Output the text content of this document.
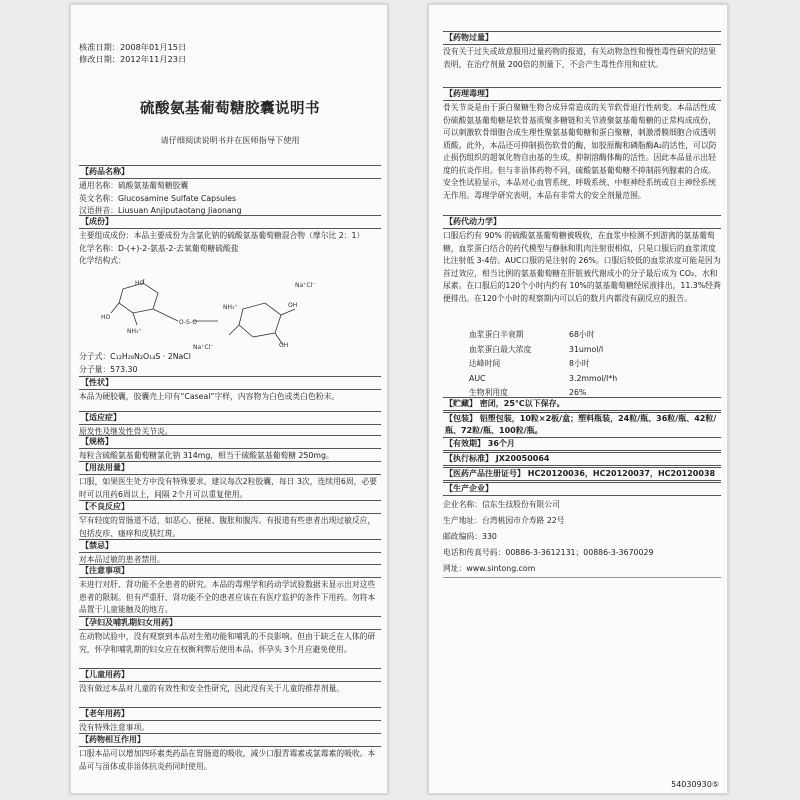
核准日期：2008年01月15日
修改日期：2012年11月23日
硫酸氨基葡萄糖胶囊说明书
请仔细阅读说明书并在医师指导下使用
【药品名称】
通用名称：硫酸氨基葡萄糖胶囊
英文名称：Glucosamine Sulfate Capsules
汉语拼音：Liusuan Anjiputaotang Jiaonang
【成份】
主要组成成份：本品主要成份为含氯化钠的硫酸氨基葡萄糖混合物（摩尔比 2：1）
化学名称：D-(+)-2-氨基-2-去氧葡萄糖硫酸盐
化学结构式：
HO
HO
NH₃⁺
O-S-O
NH₃⁺	OH
OH
Na⁺Cl⁻
Na⁺Cl⁻
分子式：C₁₂H₂₈N₂O₁₄S · 2NaCl
分子量：573.30
【性状】
本品为硬胶囊，胶囊壳上印有“Caseal”字样，内容物为白色或类白色粉末。
【适应症】
原发性及继发性骨关节炎。
【规格】
每粒含硫酸氨基葡萄糖氯化钠 314mg，相当于硫酸氨基葡萄糖 250mg。
【用法用量】
口服，如果医生处方中没有特殊要求，建议每次2粒胶囊，每日 3次，连续用6周，必要时可以用药6周以上，间隔 2个月可以重复使用。
【不良反应】
罕有轻度的胃肠道不适，如恶心、便秘、腹胀和腹泻。有报道有些患者出现过敏反应，包括皮疹、瘙痒和皮肤红斑。
【禁忌】
对本品过敏的患者禁用。
【注意事项】
未进行对肝、肾功能不全患者的研究。本品的毒理学和药动学试验数据未显示出对这些患者的限制。但有严重肝、肾功能不全的患者应该在有医疗监护的条件下用药。勿将本品置于儿童能触及的地方。
【孕妇及哺乳期妇女用药】
在动物试验中，没有观察到本品对生殖功能和哺乳的不良影响。但由于缺乏在人体的研究，怀孕和哺乳期的妇女应在权衡利弊后使用本品。怀孕头 3个月应避免使用。
【儿童用药】
没有做过本品对儿童的有效性和安全性研究，因此没有关于儿童的推荐剂量。
【老年用药】
没有特殊注意事项。
【药物相互作用】
口服本品可以增加四环素类药品在胃肠道的吸收，减少口服青霉素或氯霉素的吸收。本品可与甾体或非甾体抗炎药同时使用。
【药物过量】
没有关于过失或故意服用过量药物的报道，有关动物急性和慢性毒性研究的结果表明，在治疗剂量 200倍的剂量下，不会产生毒性作用和症状。
【药理毒理】
骨关节炎是由于蛋白聚糖生物合成异常造成的关节软骨退行性病变。本品活性成份硫酸氨基葡萄糖是软骨基质聚多糖链和关节液聚氨基葡萄糖的正常构成成份，可以刺激软骨细胞合成生理性聚氨基葡萄糖和蛋白聚糖，刺激滑膜细胞合成透明质酸。此外，本品还可抑制损伤软骨的酶，如胶原酶和磷脂酶A₂的活性，可以防止损伤组织的超氧化物自由基的生成，抑制溶酶体酶的活性。因此本品显示出轻度的抗炎作用。但与非甾体药物不同，硫酸氨基葡萄糖不抑制前列腺素的合成。安全性试验显示，本品对心血管系统、呼吸系统、中枢神经系统或自主神经系统无作用。毒理学研究表明，本品有非常大的安全剂量范围。
【药代动力学】
口服后约有 90% 的硫酸氨基葡萄糖被吸收，在血浆中检测不到游离的氨基葡萄糖，血浆蛋白结合的药代模型与静脉和肌肉注射很相似，只是口服后的血浆浓度比注射低 3-4倍。AUC口服的是注射的 26%。口服后较低的血浆浓度可能是因为首过效应，相当比例的氨基葡萄糖在肝脏被代谢成小的分子最后成为 CO₂、水和尿素。在口服后的120个小时内约有 10%的氨基葡萄糖经尿液排出，11.3%经粪便排出。在120个小时的观察期内可以后的数月内都没有副反应的报告。
血浆蛋白半衰期	68小时
血浆蛋白最大浓度	31umol/l
达峰时间	8小时
AUC	3.2mmol/l*h
生物利用度	26%
【贮藏】 密闭，25℃以下保存。
【包装】 铝塑包装，10粒×2板/盒；塑料瓶装，24粒/瓶、36粒/瓶、42粒/瓶、72粒/瓶、100粒/瓶。
【有效期】 36个月
【执行标准】 JX20050064
【医药产品注册证号】 HC20120036，HC20120037，HC20120038
【生产企业】
企业名称：信东生技股份有限公司
生产地址：台湾桃园市介寿路 22号
邮政编码：330
电话和传真号码：00886-3-3612131；00886-3-3670029
网址：www.sintong.com
54030930⑤
